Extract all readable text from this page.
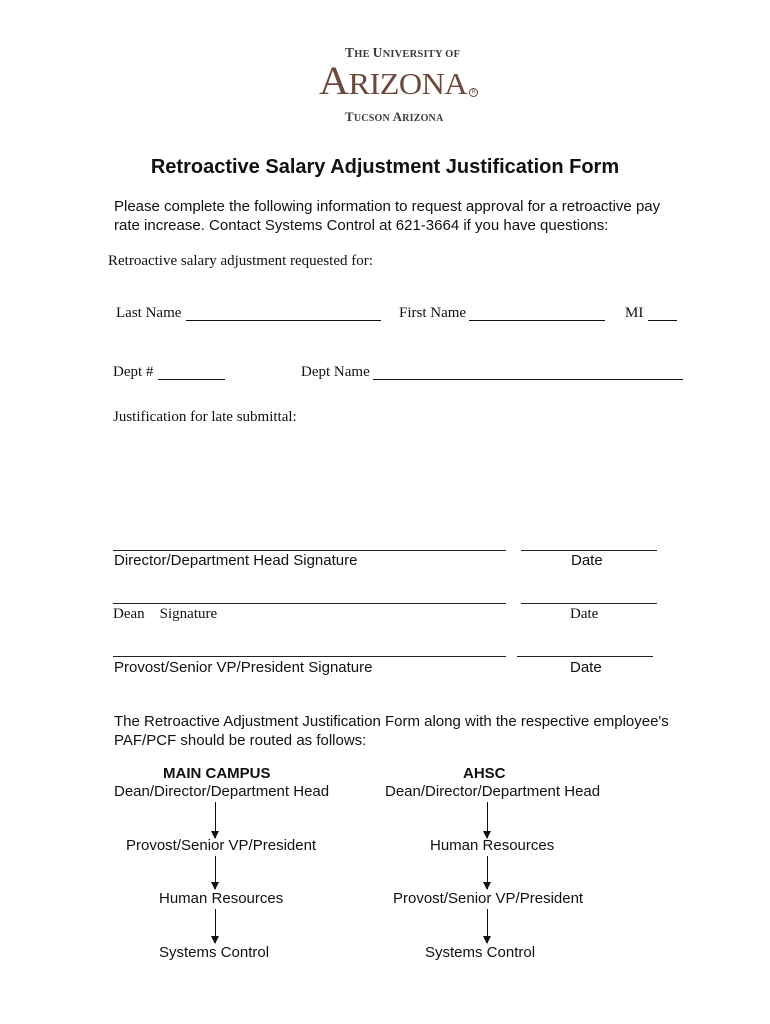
THE UNIVERSITY OF
ARIZONA R
TUCSON ARIZONA
Retroactive Salary Adjustment Justification Form
Please complete the following information to request approval for a retroactive pay rate increase. Contact Systems Control at 621-3664 if you have questions:
Retroactive salary adjustment requested for:
Last Name	First Name	MI
Dept #	Dept Name
Justification for late submittal:
Director/Department Head Signature	Date
Dean    Signature	Date
Provost/Senior VP/President Signature	Date
The Retroactive Adjustment Justification Form along with the respective employee's PAF/PCF should be routed as follows:
MAIN CAMPUS
Dean/Director/Department Head
Provost/Senior VP/President
Human Resources
Systems Control
AHSC
Dean/Director/Department Head
Human Resources
Provost/Senior VP/President
Systems Control
